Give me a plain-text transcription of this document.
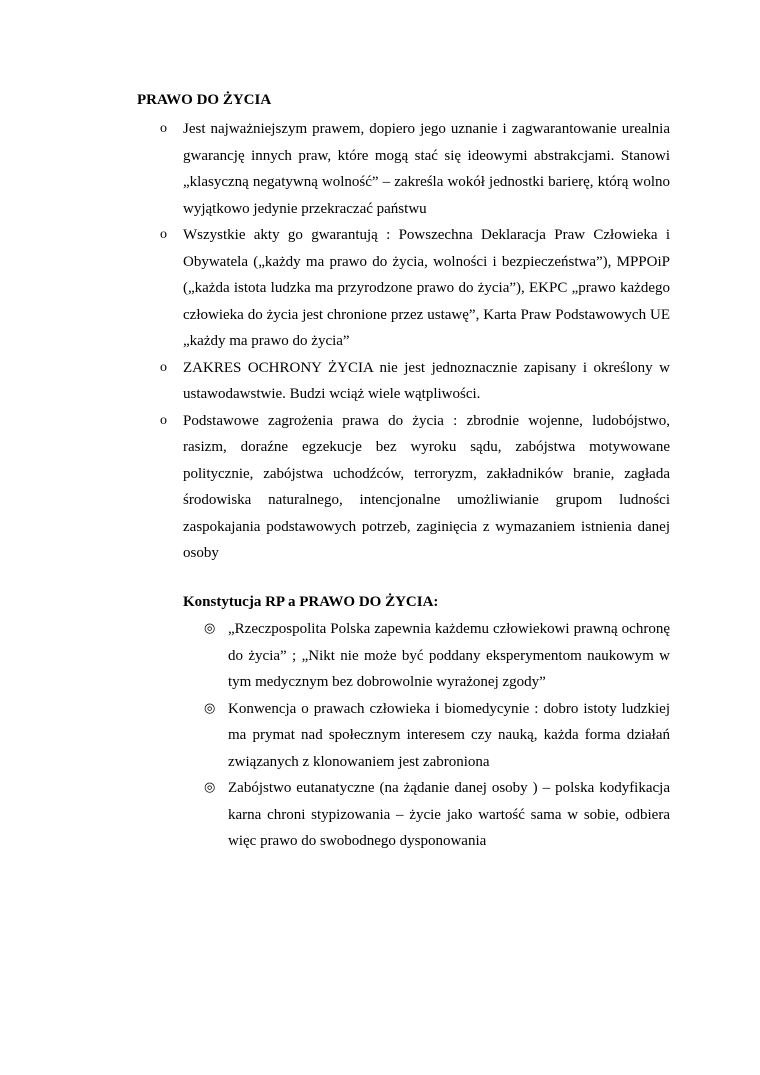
PRAWO DO ŻYCIA
o Jest najważniejszym prawem, dopiero jego uznanie i zagwarantowanie urealnia gwarancję innych praw, które mogą stać się ideowymi abstrakcjami. Stanowi „klasyczną negatywną wolność” – zakreśla wokół jednostki barierę, którą wolno wyjątkowo jedynie przekraczać państwu
o Wszystkie akty go gwarantują : Powszechna Deklaracja Praw Człowieka i Obywatela („każdy ma prawo do życia, wolności i bezpieczeństwa”), MPPOiP („każda istota ludzka ma przyrodzone prawo do życia”), EKPC „prawo każdego człowieka do życia jest chronione przez ustawę”, Karta Praw Podstawowych UE „każdy ma prawo do życia”
o ZAKRES OCHRONY ŻYCIA nie jest jednoznacznie zapisany i określony w ustawodawstwie. Budzi wciąż wiele wątpliwości.
o Podstawowe zagrożenia prawa do życia : zbrodnie wojenne, ludobójstwo, rasizm, doraźne egzekucje bez wyroku sądu, zabójstwa motywowane politycznie, zabójstwa uchodźców, terroryzm, zakładników branie, zagłada środowiska naturalnego, intencjonalne umożliwianie grupom ludności zaspokajania podstawowych potrzeb, zaginięcia z wymazaniem istnienia danej osoby
Konstytucja RP a PRAWO DO ŻYCIA:
◎ „Rzeczpospolita Polska zapewnia każdemu człowiekowi prawną ochronę do życia” ; „Nikt nie może być poddany eksperymentom naukowym w tym medycznym bez dobrowolnie wyrażonej zgody”
◎ Konwencja o prawach człowieka i biomedycynie : dobro istoty ludzkiej ma prymat nad społecznym interesem czy nauką, każda forma działań związanych z klonowaniem jest zabroniona
◎ Zabójstwo eutanatyczne (na żądanie danej osoby ) – polska kodyfikacja karna chroni stypizowania – życie jako wartość sama w sobie, odbiera więc prawo do swobodnego dysponowania
